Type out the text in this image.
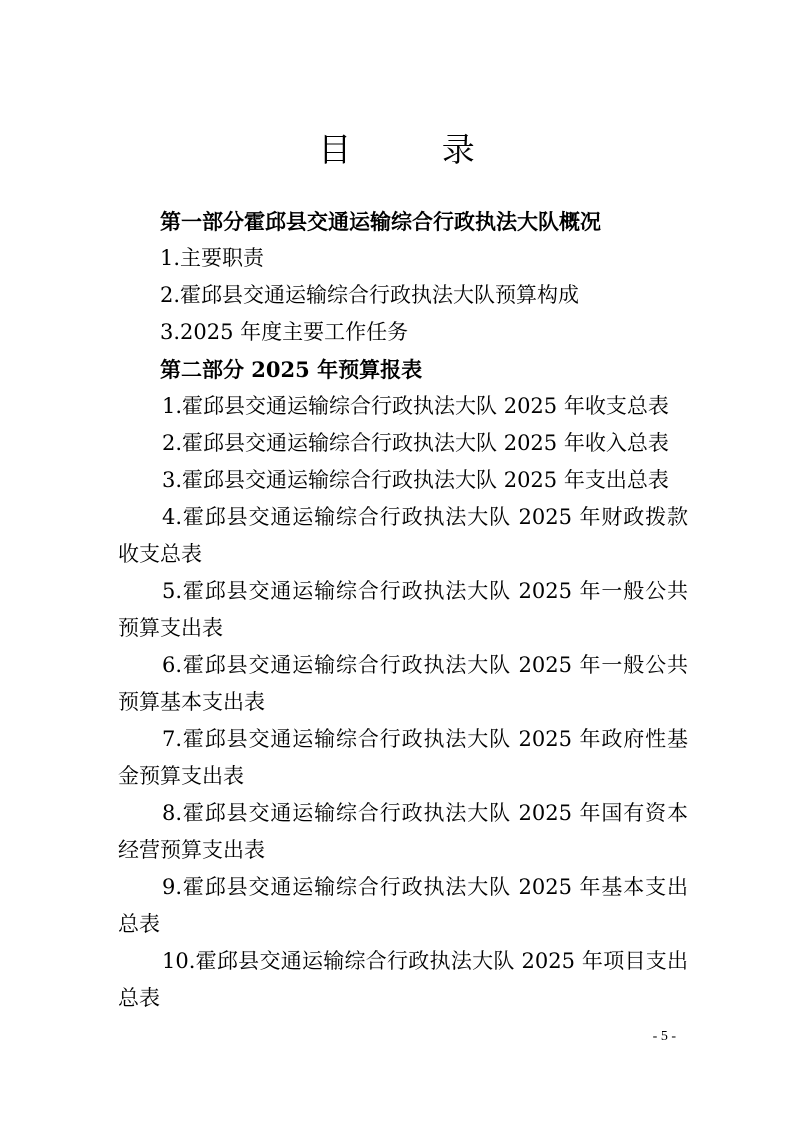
目 录
第一部分霍邱县交通运输综合行政执法大队概况
1.主要职责
2.霍邱县交通运输综合行政执法大队预算构成
3.2025 年度主要工作任务
第二部分 2025 年预算报表
1.霍邱县交通运输综合行政执法大队 2025 年收支总表
2.霍邱县交通运输综合行政执法大队 2025 年收入总表
3.霍邱县交通运输综合行政执法大队 2025 年支出总表
4.霍邱县交通运输综合行政执法大队 2025 年财政拨款收支总表
5.霍邱县交通运输综合行政执法大队 2025 年一般公共预算支出表
6.霍邱县交通运输综合行政执法大队 2025 年一般公共预算基本支出表
7.霍邱县交通运输综合行政执法大队 2025 年政府性基金预算支出表
8.霍邱县交通运输综合行政执法大队 2025 年国有资本经营预算支出表
9.霍邱县交通运输综合行政执法大队 2025 年基本支出总表
10.霍邱县交通运输综合行政执法大队 2025 年项目支出总表
- 5 -
